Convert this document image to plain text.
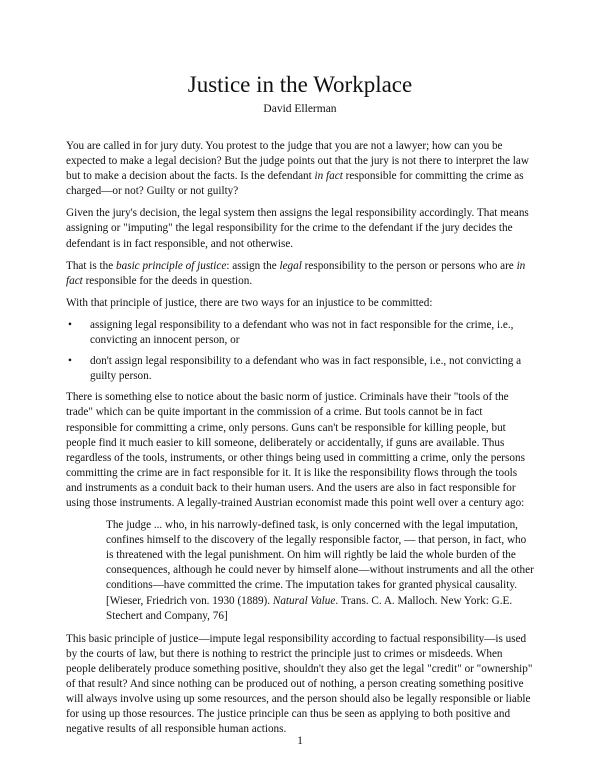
Justice in the Workplace
David Ellerman

You are called in for jury duty. You protest to the judge that you are not a lawyer; how can you be expected to make a legal decision? But the judge points out that the jury is not there to interpret the law but to make a decision about the facts. Is the defendant in fact responsible for committing the crime as charged—or not? Guilty or not guilty?

Given the jury's decision, the legal system then assigns the legal responsibility accordingly. That means assigning or "imputing" the legal responsibility for the crime to the defendant if the jury decides the defendant is in fact responsible, and not otherwise.

That is the basic principle of justice: assign the legal responsibility to the person or persons who are in fact responsible for the deeds in question.

With that principle of justice, there are two ways for an injustice to be committed:

• assigning legal responsibility to a defendant who was not in fact responsible for the crime, i.e., convicting an innocent person, or
• don't assign legal responsibility to a defendant who was in fact responsible, i.e., not convicting a guilty person.

There is something else to notice about the basic norm of justice. Criminals have their "tools of the trade" which can be quite important in the commission of a crime. But tools cannot be in fact responsible for committing a crime, only persons. Guns can't be responsible for killing people, but people find it much easier to kill someone, deliberately or accidentally, if guns are available. Thus regardless of the tools, instruments, or other things being used in committing a crime, only the persons committing the crime are in fact responsible for it. It is like the responsibility flows through the tools and instruments as a conduit back to their human users. And the users are also in fact responsible for using those instruments. A legally-trained Austrian economist made this point well over a century ago:

The judge ... who, in his narrowly-defined task, is only concerned with the legal imputation, confines himself to the discovery of the legally responsible factor, — that person, in fact, who is threatened with the legal punishment. On him will rightly be laid the whole burden of the consequences, although he could never by himself alone—without instruments and all the other conditions—have committed the crime. The imputation takes for granted physical causality. [Wieser, Friedrich von. 1930 (1889). Natural Value. Trans. C. A. Malloch. New York: G.E. Stechert and Company, 76]

This basic principle of justice—impute legal responsibility according to factual responsibility—is used by the courts of law, but there is nothing to restrict the principle just to crimes or misdeeds. When people deliberately produce something positive, shouldn't they also get the legal "credit" or "ownership" of that result? And since nothing can be produced out of nothing, a person creating something positive will always involve using up some resources, and the person should also be legally responsible or liable for using up those resources. The justice principle can thus be seen as applying to both positive and negative results of all responsible human actions.

1
